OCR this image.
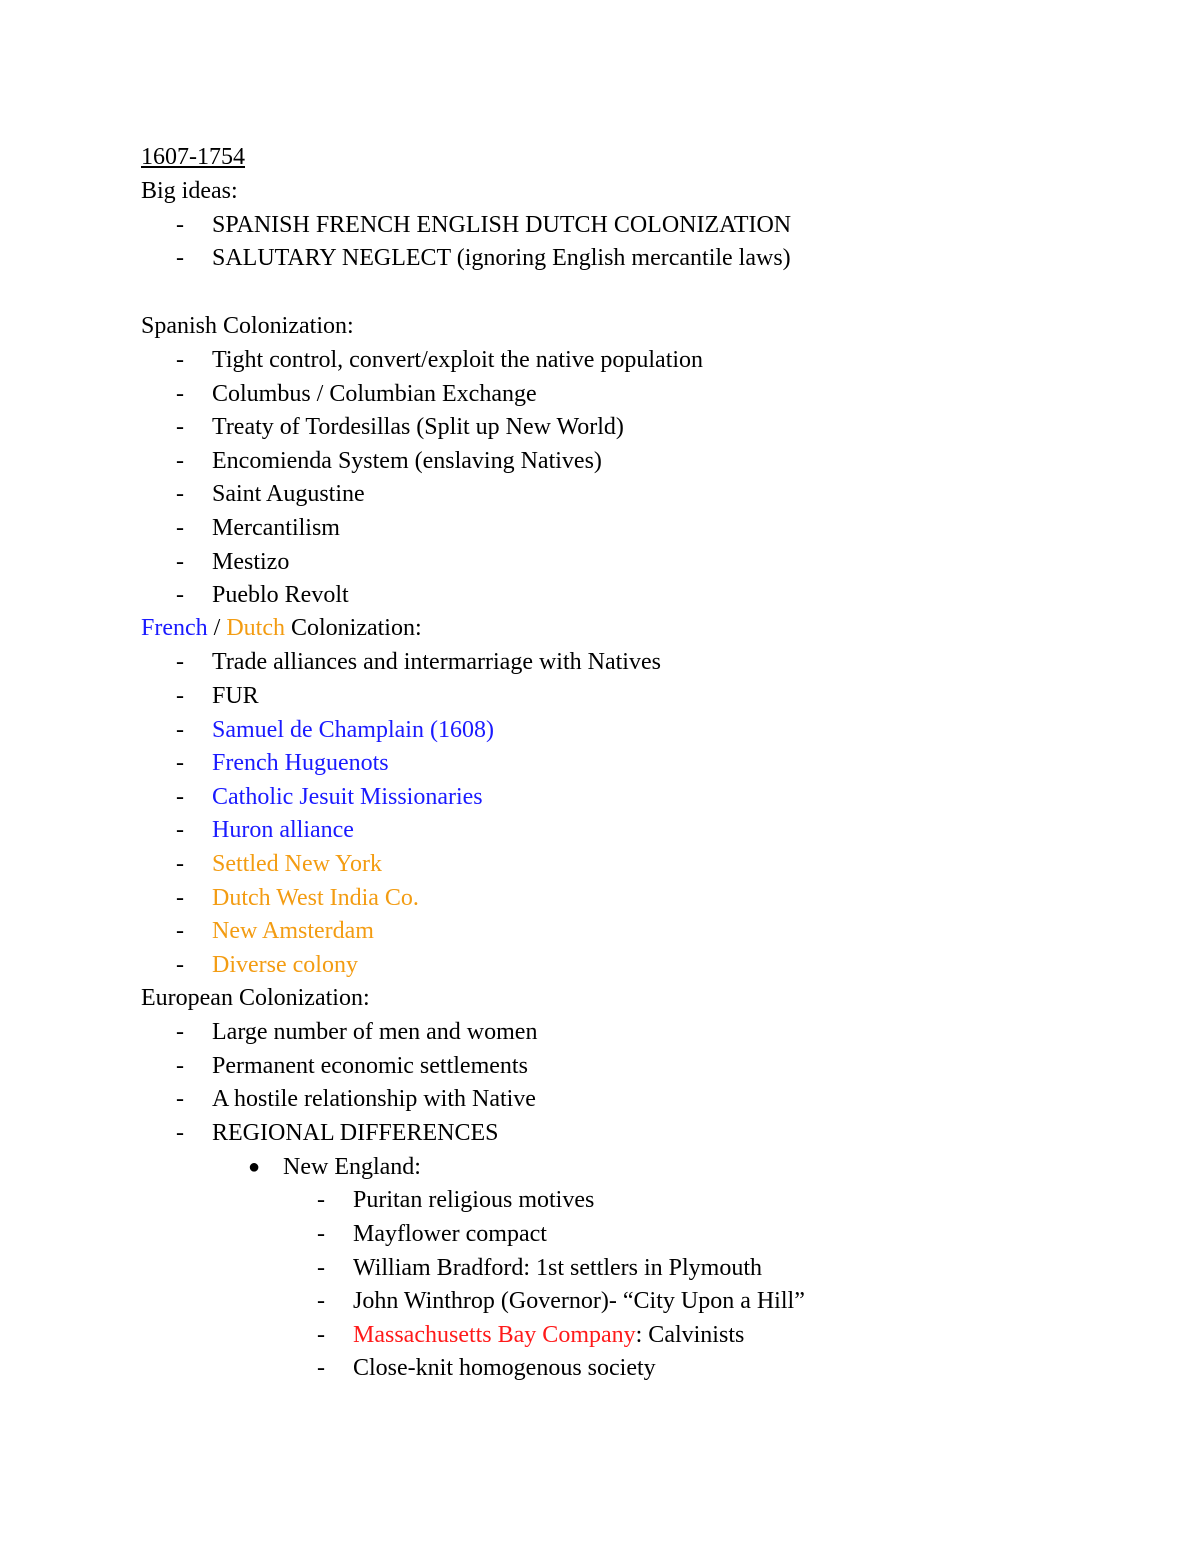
1607-1754
Big ideas:
-	SPANISH FRENCH ENGLISH DUTCH COLONIZATION
-	SALUTARY NEGLECT (ignoring English mercantile laws)
Spanish Colonization:
-	Tight control, convert/exploit the native population
-	Columbus / Columbian Exchange
-	Treaty of Tordesillas (Split up New World)
-	Encomienda System (enslaving Natives)
-	Saint Augustine
-	Mercantilism
-	Mestizo
-	Pueblo Revolt
French / Dutch Colonization:
-	Trade alliances and intermarriage with Natives
-	FUR
-	Samuel de Champlain (1608)
-	French Huguenots
-	Catholic Jesuit Missionaries
-	Huron alliance
-	Settled New York
-	Dutch West India Co.
-	New Amsterdam
-	Diverse colony
European Colonization:
-	Large number of men and women
-	Permanent economic settlements
-	A hostile relationship with Native
-	REGIONAL DIFFERENCES
● New England:
-	Puritan religious motives
-	Mayflower compact
-	William Bradford: 1st settlers in Plymouth
-	John Winthrop (Governor)- “City Upon a Hill”
-	Massachusetts Bay Company: Calvinists
-	Close-knit homogenous society
